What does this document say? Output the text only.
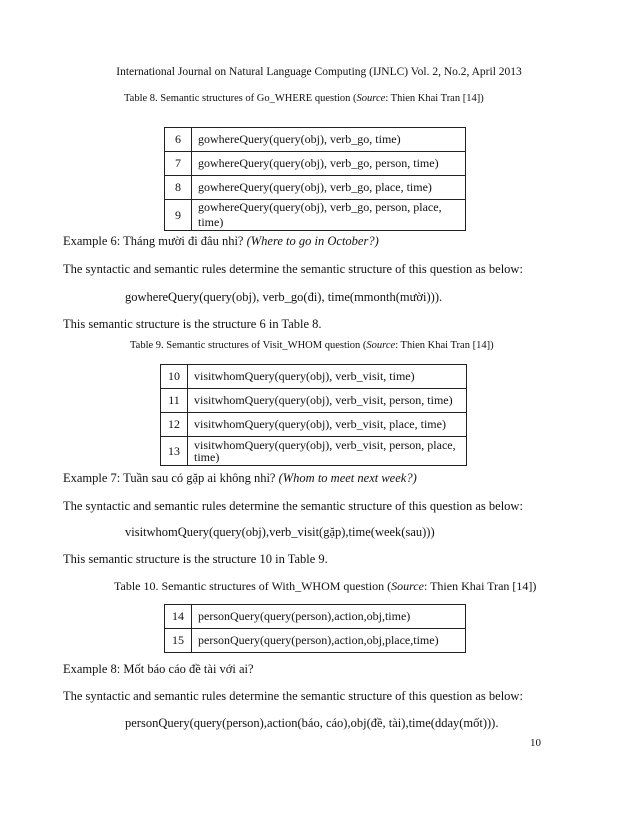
International Journal on Natural Language Computing (IJNLC) Vol. 2, No.2, April 2013
Table 8. Semantic structures of Go_WHERE question (Source: Thien Khai Tran [14])
6	gowhereQuery(query(obj), verb_go, time)
7	gowhereQuery(query(obj), verb_go, person, time)
8	gowhereQuery(query(obj), verb_go, place, time)
9	gowhereQuery(query(obj), verb_go, person, place, time)
Example 6: Tháng mười đi đâu nhỉ? (Where to go in October?)
The syntactic and semantic rules determine the semantic structure of this question as below:
gowhereQuery(query(obj), verb_go(đi), time(mmonth(mười))).
This semantic structure is the structure 6 in Table 8.
Table 9. Semantic structures of Visit_WHOM question (Source: Thien Khai Tran [14])
10	visitwhomQuery(query(obj), verb_visit, time)
11	visitwhomQuery(query(obj), verb_visit, person, time)
12	visitwhomQuery(query(obj), verb_visit, place, time)
13	visitwhomQuery(query(obj), verb_visit, person, place, time)
Example 7: Tuần sau có gặp ai không nhỉ? (Whom to meet next week?)
The syntactic and semantic rules determine the semantic structure of this question as below:
visitwhomQuery(query(obj),verb_visit(gặp),time(week(sau)))
This semantic structure is the structure 10 in Table 9.
Table 10. Semantic structures of With_WHOM question (Source: Thien Khai Tran [14])
14	personQuery(query(person),action,obj,time)
15	personQuery(query(person),action,obj,place,time)
Example 8: Mốt báo cáo đề tài với ai?
The syntactic and semantic rules determine the semantic structure of this question as below:
personQuery(query(person),action(báo, cáo),obj(đề, tài),time(dday(mốt))).
10
